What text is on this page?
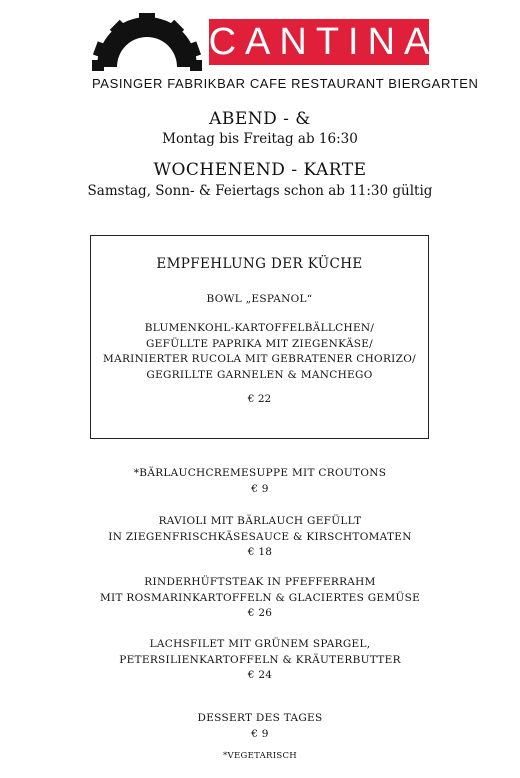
CANTINA
PASINGER FABRIK BAR CAFE RESTAURANT BIERGARTEN
ABEND - &
Montag bis Freitag ab 16:30
WOCHENEND - KARTE
Samstag, Sonn- & Feiertags schon ab 11:30 gültig
EMPFEHLUNG DER KÜCHE
BOWL „ESPANOL“
BLUMENKOHL-KARTOFFELBÄLLCHEN/
GEFÜLLTE PAPRIKA MIT ZIEGENKÄSE/
MARINIERTER RUCOLA MIT GEBRATENER CHORIZO/
GEGRILLTE GARNELEN & MANCHEGO
€ 22
*BÄRLAUCHCREMESUPPE MIT CROUTONS
€ 9
RAVIOLI MIT BÄRLAUCH GEFÜLLT
IN ZIEGENFRISCHKÄSESAUCE & KIRSCHTOMATEN
€ 18
RINDERHÜFTSTEAK IN PFEFFERRAHM
MIT ROSMARINKARTOFFELN & GLACIERTES GEMÜSE
€ 26
LACHSFILET MIT GRÜNEM SPARGEL,
PETERSILIENKARTOFFELN & KRÄUTERBUTTER
€ 24
DESSERT DES TAGES
€ 9
*VEGETARISCH
